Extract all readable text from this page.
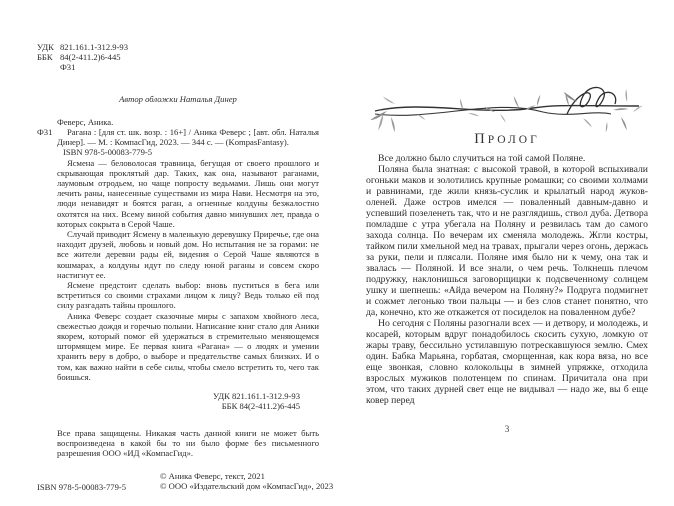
УДК 821.161.1-312.9-93
ББК 84(2-411.2)6-445
Ф31
Автор обложки Наталья Динер
Феверс, Аника.
Ф31	Рагана : [для ст. шк. возр. : 16+] / Аника Феверс ; [авт. обл. Наталья Динер]. — М. : КомпасГид, 2023. — 344 с. — (KompasFantasy).

ISBN 978-5-00083-779-5

Ясмена — беловолосая травница, бегущая от своего прошлого и скрывающая проклятый дар. Таких, как она, называют раганами, лаумовым отродьем, но чаще попросту ведьмами. Лишь они могут лечить раны, нанесенные существами из мира Нави. Несмотря на это, люди ненавидят и боятся раган, а огненные колдуны безжалостно охотятся на них. Всему виной события давно минувших лет, правда о которых сокрыта в Серой Чаше.

Случай приводит Ясмену в маленькую деревушку Приречье, где она находит друзей, любовь и новый дом. Но испытания не за горами: не все жители деревни рады ей, видения о Серой Чаше являются в кошмарах, а колдуны идут по следу юной раганы и совсем скоро настигнут ее.

Ясмене предстоит сделать выбор: вновь пуститься в бега или встретиться со своими страхами лицом к лицу? Ведь только ей под силу разгадать тайны прошлого.

Аника Феверс создает сказочные миры с запахом хвойного леса, свежестью дождя и горечью полыни. Написание книг стало для Аники якорем, который помог ей удержаться в стремительно меняющемся штормящем мире. Ее первая книга «Рагана» — о людях и умении хранить веру в добро, о выборе и предательстве самых близких. И о том, как важно найти в себе силы, чтобы смело встретить то, чего так боишься.

УДК 821.161.1-312.9-93
ББК 84(2-411.2)6-445

Все права защищены. Никакая часть данной книги не может быть воспроизведена в какой бы то ни было форме без письменного разрешения ООО «ИД «КомпасГид».

ISBN 978-5-00083-779-5
© Аника Феверс, текст, 2021
© ООО «Издательский дом «КомпасГид», 2023
ПРОЛОГ

Все должно было случиться на той самой Поляне.

Поляна была знатная: с высокой травой, в которой вспыхивали огоньки маков и золотились крупные ромашки; со своими холмами и равнинами, где жили князь-суслик и крылатый народ жуков-оленей. Даже остров имелся — поваленный давным-давно и успевший позеленеть так, что и не разглядишь, ствол дуба. Детвора помладше с утра убегала на Поляну и резвилась там до самого захода солнца. По вечерам их сменяла молодежь. Жгли костры, тайком пили хмельной мед на травах, прыгали через огонь, держась за руки, пели и плясали. Поляне имя было ни к чему, она так и звалась — Поляной. И все знали, о чем речь. Толкнешь плечом подружку, наклонишься заговорщицки к подсвеченному солнцем ушку и шепнешь: «Айда вечером на Поляну?» Подруга подмигнет и сожмет легонько твои пальцы — и без слов станет понятно, что да, конечно, кто же откажется от посиделок на поваленном дубе?

Но сегодня с Поляны разогнали всех — и детвору, и молодежь, и косарей, которым вдруг понадобилось скосить сухую, ломкую от жары траву, бессильно устилавшую потрескавшуюся землю. Смех один. Бабка Марьяна, горбатая, сморщенная, как кора вяза, но все еще звонкая, словно колокольцы в зимней упряжке, отходила взрослых мужиков полотенцем по спинам. Причитала она при этом, что таких дурней свет еще не видывал — надо же, вы б еще ковер перед

3
